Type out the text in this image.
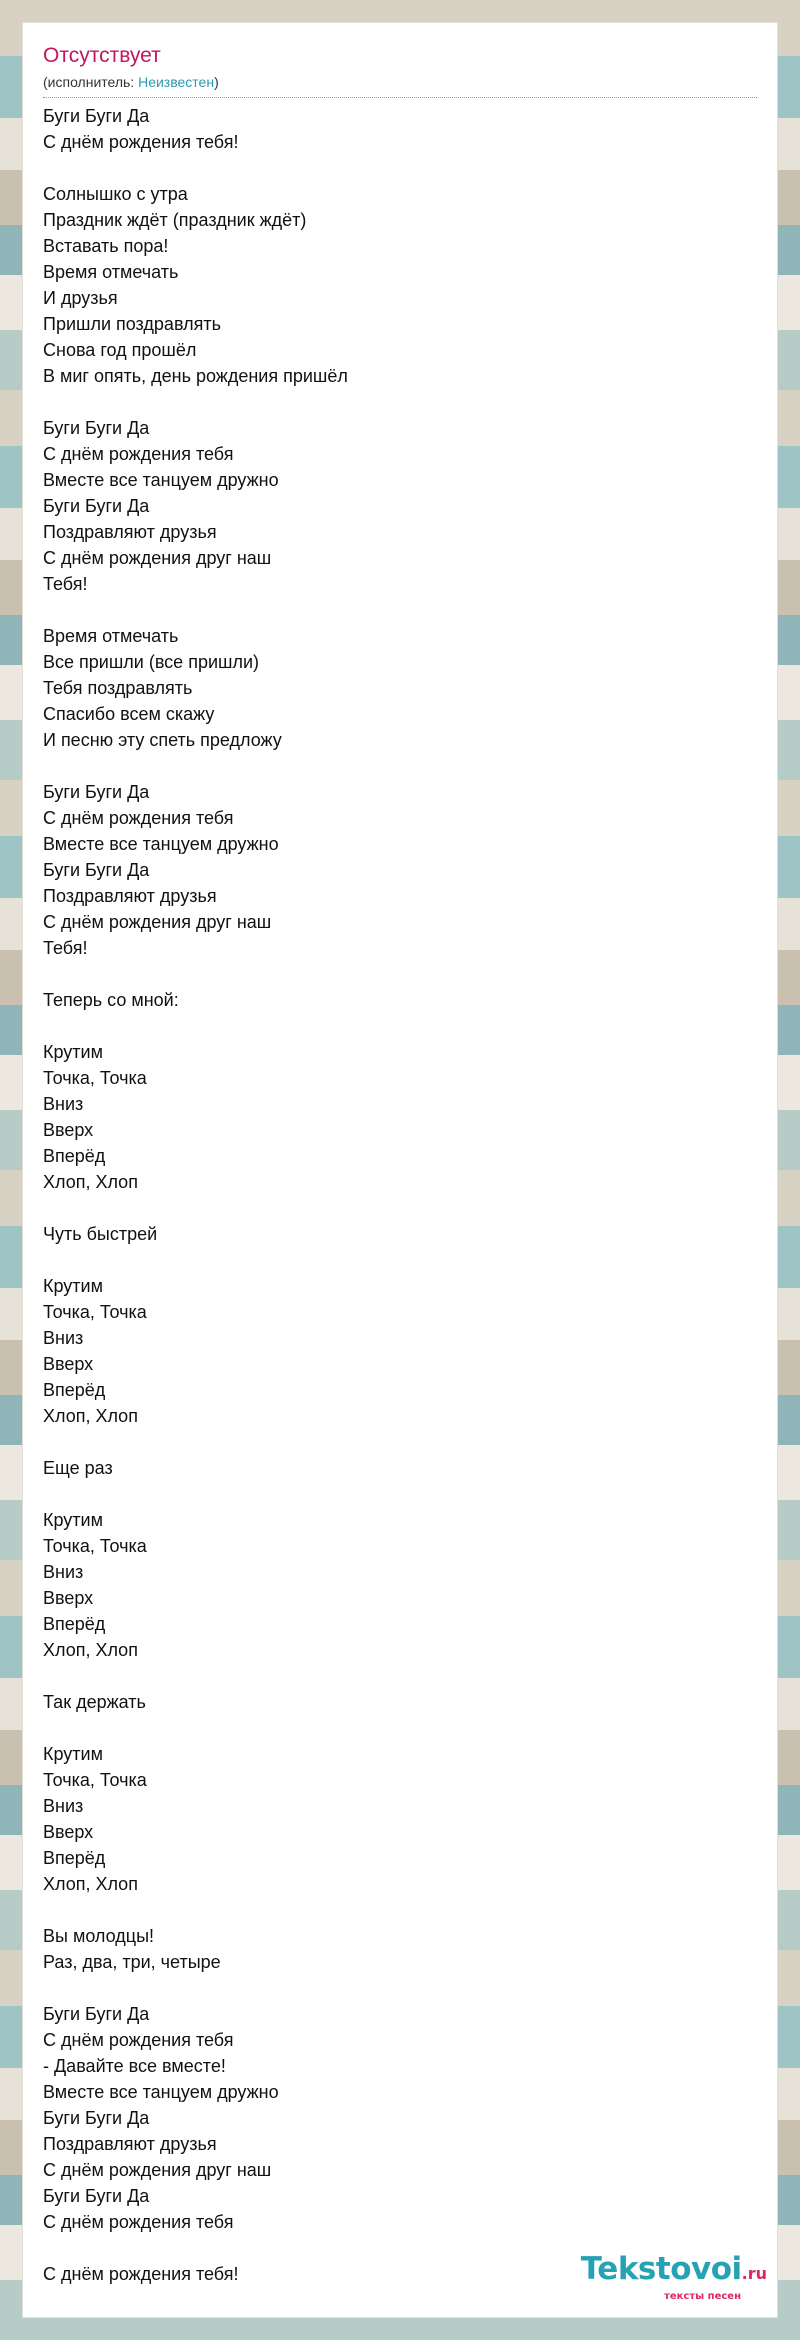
Отсутствует
(исполнитель: Неизвестен)
Буги Буги Да
С днём рождения тебя!
Солнышко с утра
Праздник ждёт (праздник ждёт)
Вставать пора!
Время отмечать
И друзья
Пришли поздравлять
Снова год прошёл
В миг опять, день рождения пришёл
Буги Буги Да
С днём рождения тебя
Вместе все танцуем дружно
Буги Буги Да
Поздравляют друзья
С днём рождения друг наш
Тебя!
Время отмечать
Все пришли (все пришли)
Тебя поздравлять
Спасибо всем скажу
И песню эту спеть предложу
Буги Буги Да
С днём рождения тебя
Вместе все танцуем дружно
Буги Буги Да
Поздравляют друзья
С днём рождения друг наш
Тебя!
Теперь со мной:
Крутим
Точка, Точка
Вниз
Вверх
Вперёд
Хлоп, Хлоп
Чуть быстрей
Крутим
Точка, Точка
Вниз
Вверх
Вперёд
Хлоп, Хлоп
Еще раз
Крутим
Точка, Точка
Вниз
Вверх
Вперёд
Хлоп, Хлоп
Так держать
Крутим
Точка, Точка
Вниз
Вверх
Вперёд
Хлоп, Хлоп
Вы молодцы!
Раз, два, три, четыре
Буги Буги Да
С днём рождения тебя
- Давайте все вместе!
Вместе все танцуем дружно
Буги Буги Да
Поздравляют друзья
С днём рождения друг наш
Буги Буги Да
С днём рождения тебя
С днём рождения тебя!	Tekstovoi.ru
тексты песен
